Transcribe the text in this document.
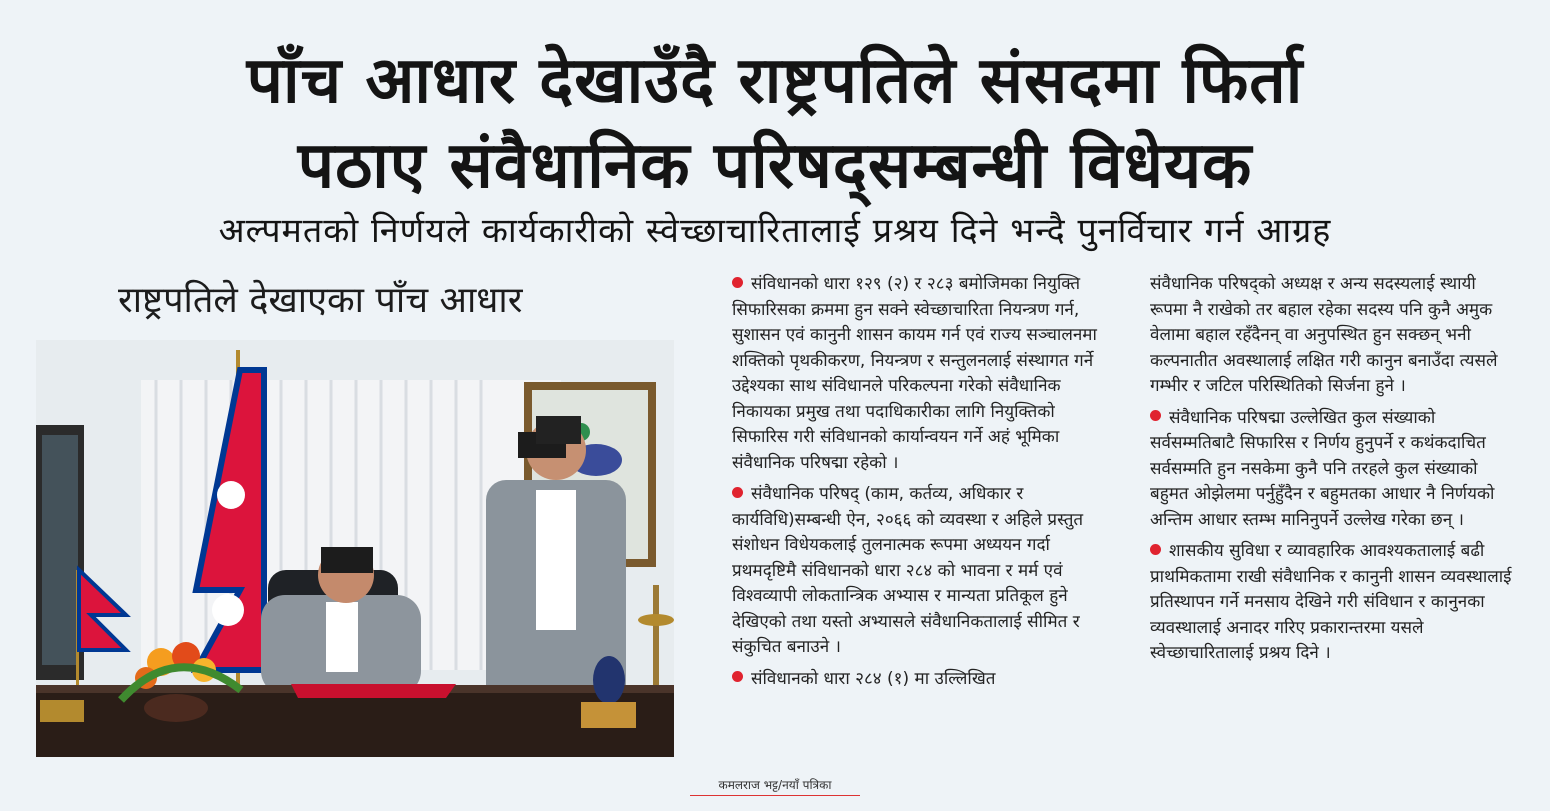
पाँच आधार देखाउँदै राष्ट्रपतिले संसदमा फिर्ता
पठाए संवैधानिक परिषद्‌सम्बन्धी विधेयक
अल्पमतको निर्णयले कार्यकारीको स्वेच्छाचारितालाई प्रश्रय दिने भन्दै पुनर्विचार गर्न आग्रह
राष्ट्रपतिले देखाएका पाँच आधार	संविधानको धारा १२९ (२) र २८३ बमोजिमका नियुक्ति सिफारिसका क्रममा हुन सक्ने स्वेच्छाचारिता नियन्त्रण गर्न, सुशासन एवं कानुनी शासन कायम गर्न एवं राज्य सञ्चालनमा शक्तिको पृथकीकरण, नियन्त्रण र सन्तुलनलाई संस्थागत गर्ने उद्देश्यका साथ संविधानले परिकल्पना गरेको संवैधानिक निकायका प्रमुख तथा पदाधिकारीका लागि नियुक्तिको सिफारिस गरी संविधानको कार्यान्वयन गर्ने अहं भूमिका संवैधानिक परिषद्मा रहेको ।

संवैधानिक परिषद् (काम, कर्तव्य, अधिकार र कार्यविधि)सम्बन्धी ऐन, २०६६ को व्यवस्था र अहिले प्रस्तुत संशोधन विधेयकलाई तुलनात्मक रूपमा अध्ययन गर्दा प्रथमदृष्टिमै संविधानको धारा २८४ को भावना र मर्म एवं विश्वव्यापी लोकतान्त्रिक अभ्यास र मान्यता प्रतिकूल हुने देखिएको तथा यस्तो अभ्यासले संवैधानिकतालाई सीमित र संकुचित बनाउने ।

संविधानको धारा २८४ (१) मा उल्लिखित

संवैधानिक परिषद्को अध्यक्ष र अन्य सदस्यलाई स्थायी रूपमा नै राखेको तर बहाल रहेका सदस्य पनि कुनै अमुक वेलामा बहाल रहँदैनन् वा अनुपस्थित हुन सक्छन् भनी कल्पनातीत अवस्थालाई लक्षित गरी कानुन बनाउँदा त्यसले गम्भीर र जटिल परिस्थितिको सिर्जना हुने ।

संवैधानिक परिषद्मा उल्लेखित कुल संख्याको सर्वसम्मतिबाटै सिफारिस र निर्णय हुनुपर्ने र कथंकदाचित सर्वसम्मति हुन नसकेमा कुनै पनि तरहले कुल संख्याको बहुमत ओझेलमा पर्नुहुँदैन र बहुमतका आधार नै निर्णयको अन्तिम आधार स्तम्भ मानिनुपर्ने उल्लेख गरेका छन् ।

शासकीय सुविधा र व्यावहारिक आवश्यकतालाई बढी प्राथमिकतामा राखी संवैधानिक र कानुनी शासन व्यवस्थालाई प्रतिस्थापन गर्ने मनसाय देखिने गरी संविधान र कानुनका व्यवस्थालाई अनादर गरिए प्रकारान्तरमा यसले स्वेच्छाचारितालाई प्रश्रय दिने ।

कमलराज भट्ट/नयाँ पत्रिका
